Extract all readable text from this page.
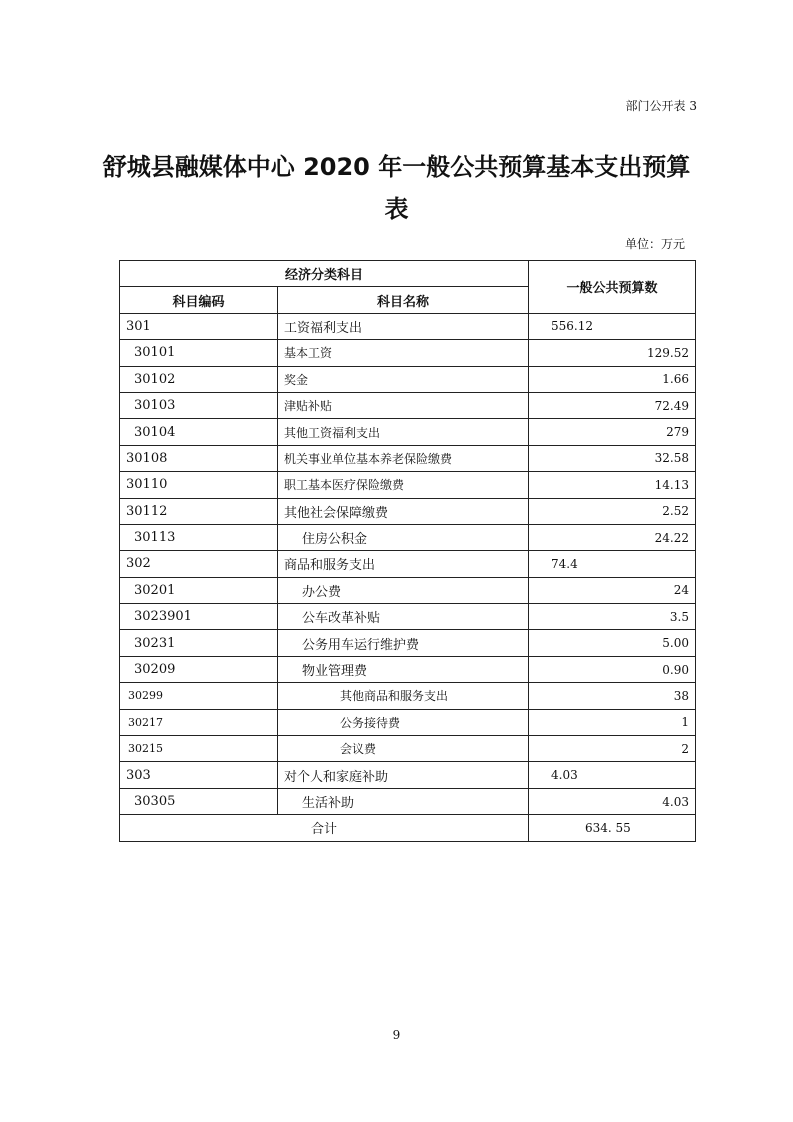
部门公开表 3
舒城县融媒体中心 2020 年一般公共预算基本支出预算表
单位：万元
经济分类科目		一般公共预算数
科目编码	科目名称	
301	工资福利支出	556.12
30101	基本工资	129.52
30102	奖金	1.66
30103	津贴补贴	72.49
30104	其他工资福利支出	279
30108	机关事业单位基本养老保险缴费	32.58
30110	职工基本医疗保险缴费	14.13
30112	其他社会保障缴费	2.52
30113	住房公积金	24.22
302	商品和服务支出	74.4
30201	办公费	24
3023901	公车改革补贴	3.5
30231	公务用车运行维护费	5.00
30209	物业管理费	0.90
30299	其他商品和服务支出	38
30217	公务接待费	1
30215	会议费	2
303	对个人和家庭补助	4.03
30305	生活补助	4.03
合计		634. 55
9
